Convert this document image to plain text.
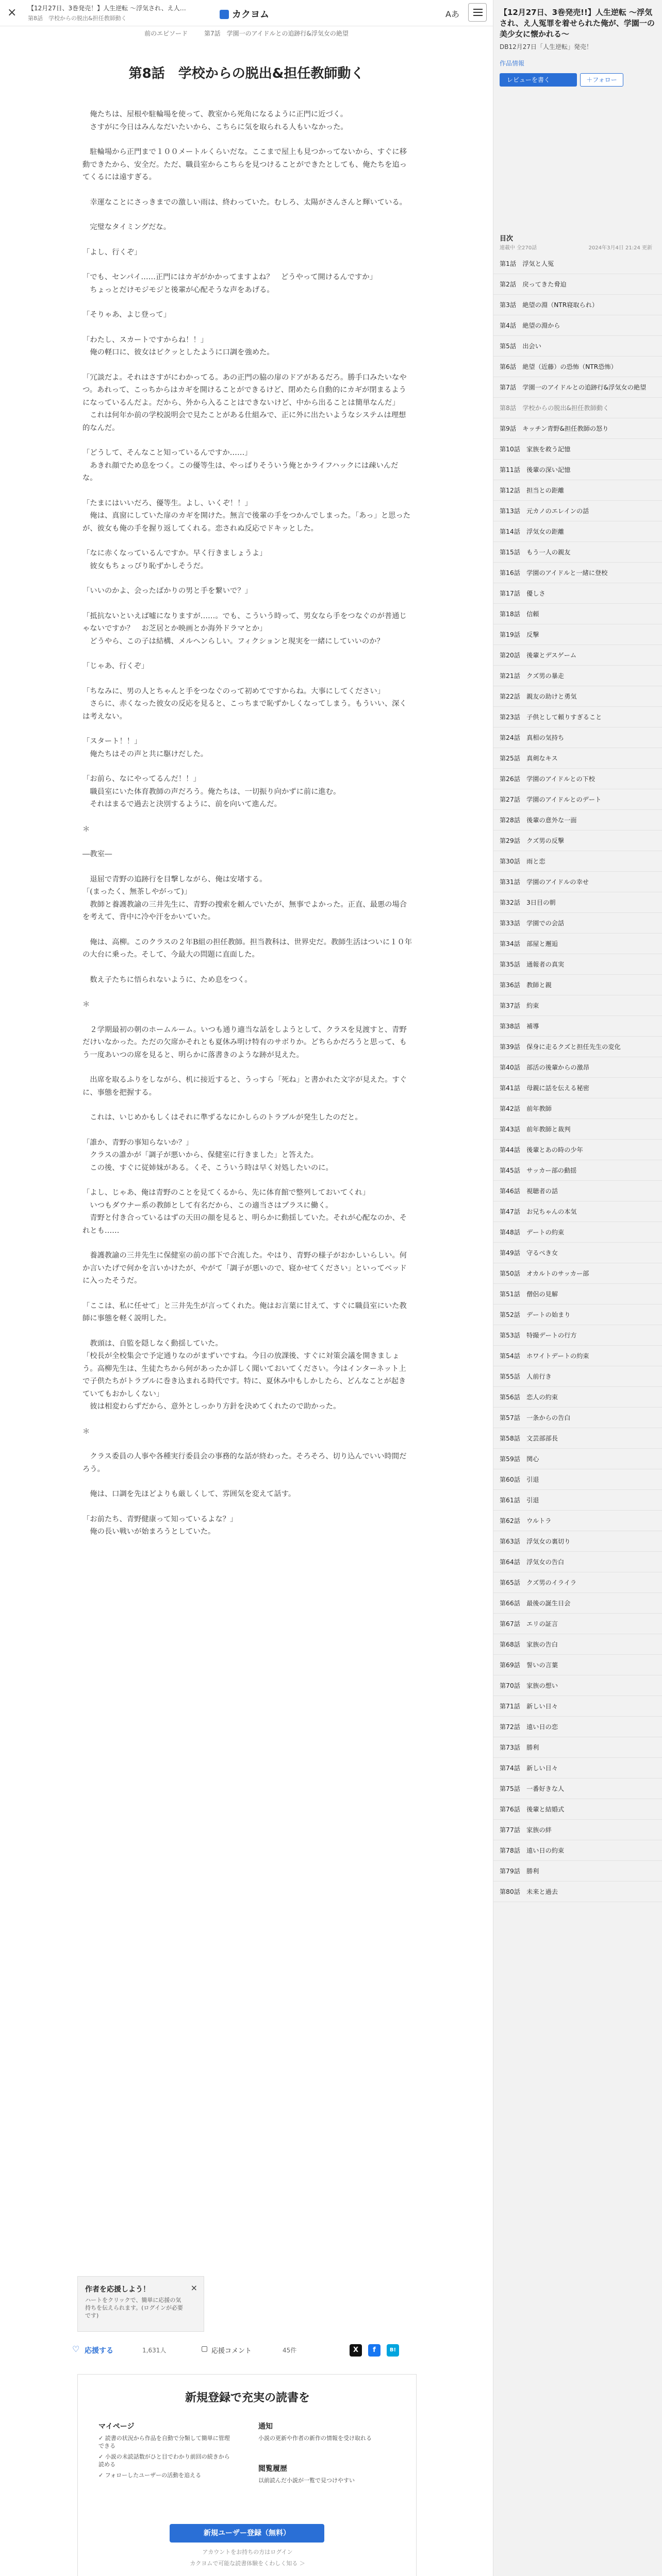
× 【12月27日、3巻発売！】人生逆転 ～浮気され、え人…
第8話　学校からの脱出&担任教師動く	カクヨム	Aあ
前のエピソード	第7話　学園一のアイドルとの追跡行&浮気女の絶望
第8話　学校からの脱出&担任教師動く

　俺たちは、屋根や駐輪場を使って、教室から死角になるように正門に近づく。

　さすがに今日はみんなだいたいから、こちらに気を取られる人もいなかった。

　駐輪場から正門まで１００メートルくらいだな。ここまで屋上も見つかってないから、すぐに移動できたから、安全だ。ただ、職員室からこちらを見つけることができたとしても、俺たちを追ってくるには遠すぎる。

　幸運なことにさっきまでの激しい雨は、終わっていた。むしろ、太陽がさんさんと輝いている。

　完璧なタイミングだな。

「よし、行くぞ」

「でも、センパイ……正門にはカギがかかってますよね？　どうやって開けるんですか」

　ちょっとだけモジモジと後輩が心配そうな声をあげる。

「そりゃあ、よじ登って」

「わたし、スカートですからね！！」

　俺の軽口に、彼女はピクッとしたように口調を強めた。

「冗談だよ。それはさすがにわかってる。あの正門の脇の扉のドアがあるだろ。勝手口みたいなやつ。あれって、こっちからはカギを開けることができるけど、閉めたら自動的にカギが閉まるようになっているんだよ。だから、外から入ることはできないけど、中から出ることは簡単なんだ」

　これは何年か前の学校説明会で見たことがある仕組みで、正に外に出たいようなシステムは理想的なんだ。

「どうして、そんなこと知っているんですか……」

　あきれ顔でため息をつく。この優等生は、やっぱりそういう俺とかライフハックには疎いんだな。

「たまにはいいだろ、優等生。よし、いくぞ！！」

　俺は、真窗にしていた扉のカギを開けた。無言で後輩の手をつかんでしまった。「あっ」と思ったが、彼女も俺の手を握り返してくれる。恋されぬ反応でドキッとした。

「なに赤くなっているんですか。早く行きましょうよ」

　彼女もちょっぴり恥ずかしそうだ。

「いいのかよ、会ったばかりの男と手を繋いで？」

「抵抗ないといえば嘘になりますが……。でも、こういう時って、男女なら手をつなぐのが普通じゃないですか？　お芝居とか映画とか海外ドラマとか」

　どうやら、この子は結構、メルヘンらしい。フィクションと現実を一緒にしていいのか？

「じゃあ、行くぞ」

「ちなみに、男の人とちゃんと手をつなぐのって初めてですからね。大事にしてください」

　さらに、赤くなった彼女の反応を見ると、こっちまで恥ずかしくなってしまう。もういい、深くは考えない。

「スタート！！」

　俺たちはその声と共に駆けだした。

「お前ら、なにやってるんだ！！」

　職員室にいた体育教師の声だろう。俺たちは、一切振り向かずに前に進む。

　それはまるで過去と決別するように、前を向いて進んだ。

＊

―教室―

　退屈で青野の追跡行を目撃しながら、俺は安堵する。

「(まったく、無茶しやがって)」

　教師と養護教諭の三井先生に、青野の捜索を頼んでいたが、無事でよかった。正直、最悪の場合を考えて、背中に冷や汗をかいていた。

　俺は、高柳。このクラスの２年B組の担任教師。担当教科は、世界史だ。教師生活はついに１０年の大台に乗った。そして、今最大の問題に直面した。

　数え子たちに悟られないように、ため息をつく。

＊

　２学期最初の朝のホームルーム。いつも通り適当な話をしようとして、クラスを見渡すと、青野だけいなかった。ただの欠席かそれとも夏休み明け特有のサボりか。どちらかだろうと思って、もう一度あいつの席を見ると、明らかに落書きのような跡が見えた。

　出席を取るふりをしながら、机に接近すると、うっすら「死ね」と書かれた文字が見えた。すぐに、事態を把握する。

　これは、いじめかもしくはそれに準ずるなにかしらのトラブルが発生したのだと。

「誰か、青野の事知らないか？」

　クラスの誰かが「調子が悪いから、保健室に行きました」と答えた。

　この後、すぐに従姉妹がある。くそ、こういう時は早く対処したいのに。

「よし、じゃあ、俺は青野のことを見てくるから、先に体育館で整列しておいてくれ」

　いつもダウナー系の教師として有名だから、この適当さはプラスに働く。

　青野と付き合っているはずの天田の顔を見ると、明らかに動揺していた。それが心配なのか、それとも……

　養護教諭の三井先生に保健室の前の部下で合流した。やはり、青野の様子がおかしいらしい。何か言いたげで何かを言いかけたが、やがて「調子が悪いので、寝かせてください」といってベッドに入ったそうだ。

「ここは、私に任せて」と三井先生が言ってくれた。俺はお言葉に甘えて、すぐに職員室にいた教師に事態を軽く説明した。

　教頭は、自監を隠しなく動揺していた。

「校長が全校集会で予定通りなのがまずいですね。今日の放課後、すぐに対策会議を開きましょう。高柳先生は、生徒たちから何があったか詳しく聞いておいてください。今はインターネット上で子供たちがトラブルに巻き込まれる時代です。特に、夏休み中もしかしたら、どんなことが起きていてもおかしくない」

　彼は相変わらずだから、意外としっかり方針を決めてくれたので助かった。

＊

　クラス委員の人事や各種実行委員会の事務的な話が終わった。そろそろ、切り込んでいい時間だろう。

　俺は、口調を先ほどよりも厳しくして、雰囲気を変えて話す。

「お前たち、青野健康って知っているよな？」

　俺の長い戦いが始まろうとしていた。

【12月27日、3巻発売!!】人生逆転 ～浮気され、え人冤罪を着せられた俺が、学園一の美少女に懐かれる～
DB12月27日「人生逆転」発売！
作品情報
レビューを書く	＋フォロー
目次
連載中 全270話	2024年3月4日 21:24 更新
第1話　浮気と人冤
第2話　戻ってきた脅迫
第3話　絶望の淵（NTR寝取られ）
第4話　絶望の淵から
第5話　出会い
第6話　絶望（近藤）の恐怖（NTR恐怖）
第7話　学園一のアイドルとの追跡行&浮気女の絶望
第8話　学校からの脱出&担任教師動く
第9話　キッチン青野&担任教師の怒り
第10話　家族を救う記憶
第11話　後輩の深い記憶
第12話　担当との距離
第13話　元カノのエレインの話
第14話　浮気女の距離
第15話　もう一人の親友
第16話　学園のアイドルと一緒に登校
第17話　優しさ
第18話　信頼
第19話　反撃
第20話　後輩とデスゲーム
第21話　クズ男の暴走
第22話　親友の助けと勇気
第23話　子供として頼りすぎること
第24話　真相の気持ち
第25話　真剣なキス
第26話　学園のアイドルとの下校
第27話　学園のアイドルとのデート
第28話　後輩の意外な一面
第29話　クズ男の反撃
第30話　雨と恋
第31話　学園のアイドルの幸せ
第32話　3日目の朝
第33話　学園での会話
第34話　部屋と邂逅
第35話　通報者の真実
第36話　教師と親
第37話　約束
第38話　補導
第39話　保身に走るクズと担任先生の変化
第40話　部活の後輩からの激昂
第41話　母親に話を伝える秘密
第42話　前年教師
第43話　前年教師と裁判
第44話　後輩とあの時の少年
第45話　サッカー部の動揺
第46話　視聴者の話
第47話　お兄ちゃんの本気
第48話　デートの約束
第49話　守るべき女
第50話　オカルトのサッカー部
第51話　僧侶の見解
第52話　デートの始まり
第53話　特撮デートの行方
第54話　ホワイトデートの約束
第55話　人前行き
第56話　恋人の約束
第57話　一条からの告白
第58話　文芸部部長
第59話　関心
第60話　引退
第61話　引退
第62話　ウルトラ
第63話　浮気女の裏切り
第64話　浮気女の告白
第65話　クズ男のイライラ
第66話　最後の誕生日会
第67話　エリの証言
第68話　家族の告白
第69話　誓いの言葉
第70話　家族の想い
第71話　新しい日々
第72話　遠い日の恋
第73話　勝利
第74話　新しい日々
第75話　一番好きな人
第76話　後輩と結婚式
第77話　家族の絆
第78話　遠い日の約束
第79話　勝利
第80話　未来と過去
作者を応援しよう！
ハートをクリックで、簡単に応援の気持ちを伝えられます。(ログインが必要です)
×
♡ 応援する	1,631人	▢ 応援コメント	45件	X	f	B!
新規登録で充実の読書を
マイページ
✓ 読書の状況から作品を自動で分類して簡単に管理できる
✓ 小説の未読話数がひと目でわかり前回の続きから読める
✓ フォローしたユーザーの活動を追える
通知
小説の更新や作者の新作の情報を受け取れる
閲覧履歴
以前読んだ小説が一覧で見つけやすい
新規ユーザー登録（無料）
アカウントをお持ちの方はログイン
カクヨムで可能な読書体験をくわしく知る ＞
